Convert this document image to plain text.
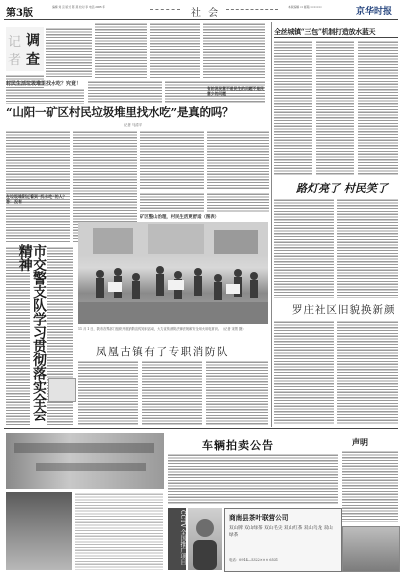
第3版
编辑 刘 克 版式 陈 燕 校对 李 电话 2005 年
社 会
本版编辑 ×× 邮箱 ×××××××	京华时报
记 调
者 查
村民生活垃圾堆里找水吃？究竟！
“山阳一矿区村民垃圾堆里找水吃”是真的吗？
记者 马清平
在垃圾堆附近看到“找水吃”的人？答：没有
矿区整山治理，村民生活更舒适（图表）
有的说民意不是民生的问题不是民意少的问题
全丝城镇“三包”机制打造放水蓝天
路灯亮了 村民笑了
罗庄社区旧貌换新颜
市交警支队学习贯彻落实全会精神
11 月 1 日，我市各界部门组织开展消防宣传知识活动，大力宣传消防法律法规和安全用火用电常识。（记者 宋景 摄）
凤凰古镇有了专职消防队
车辆拍卖公告	声明
CCTV 全国推广项目	商南县茶叶联营公司
双山牌 双山绿茶 双山毛尖 双山红茶 双山乌龙 双山绿茶
电话：0914—5322××× 6531
